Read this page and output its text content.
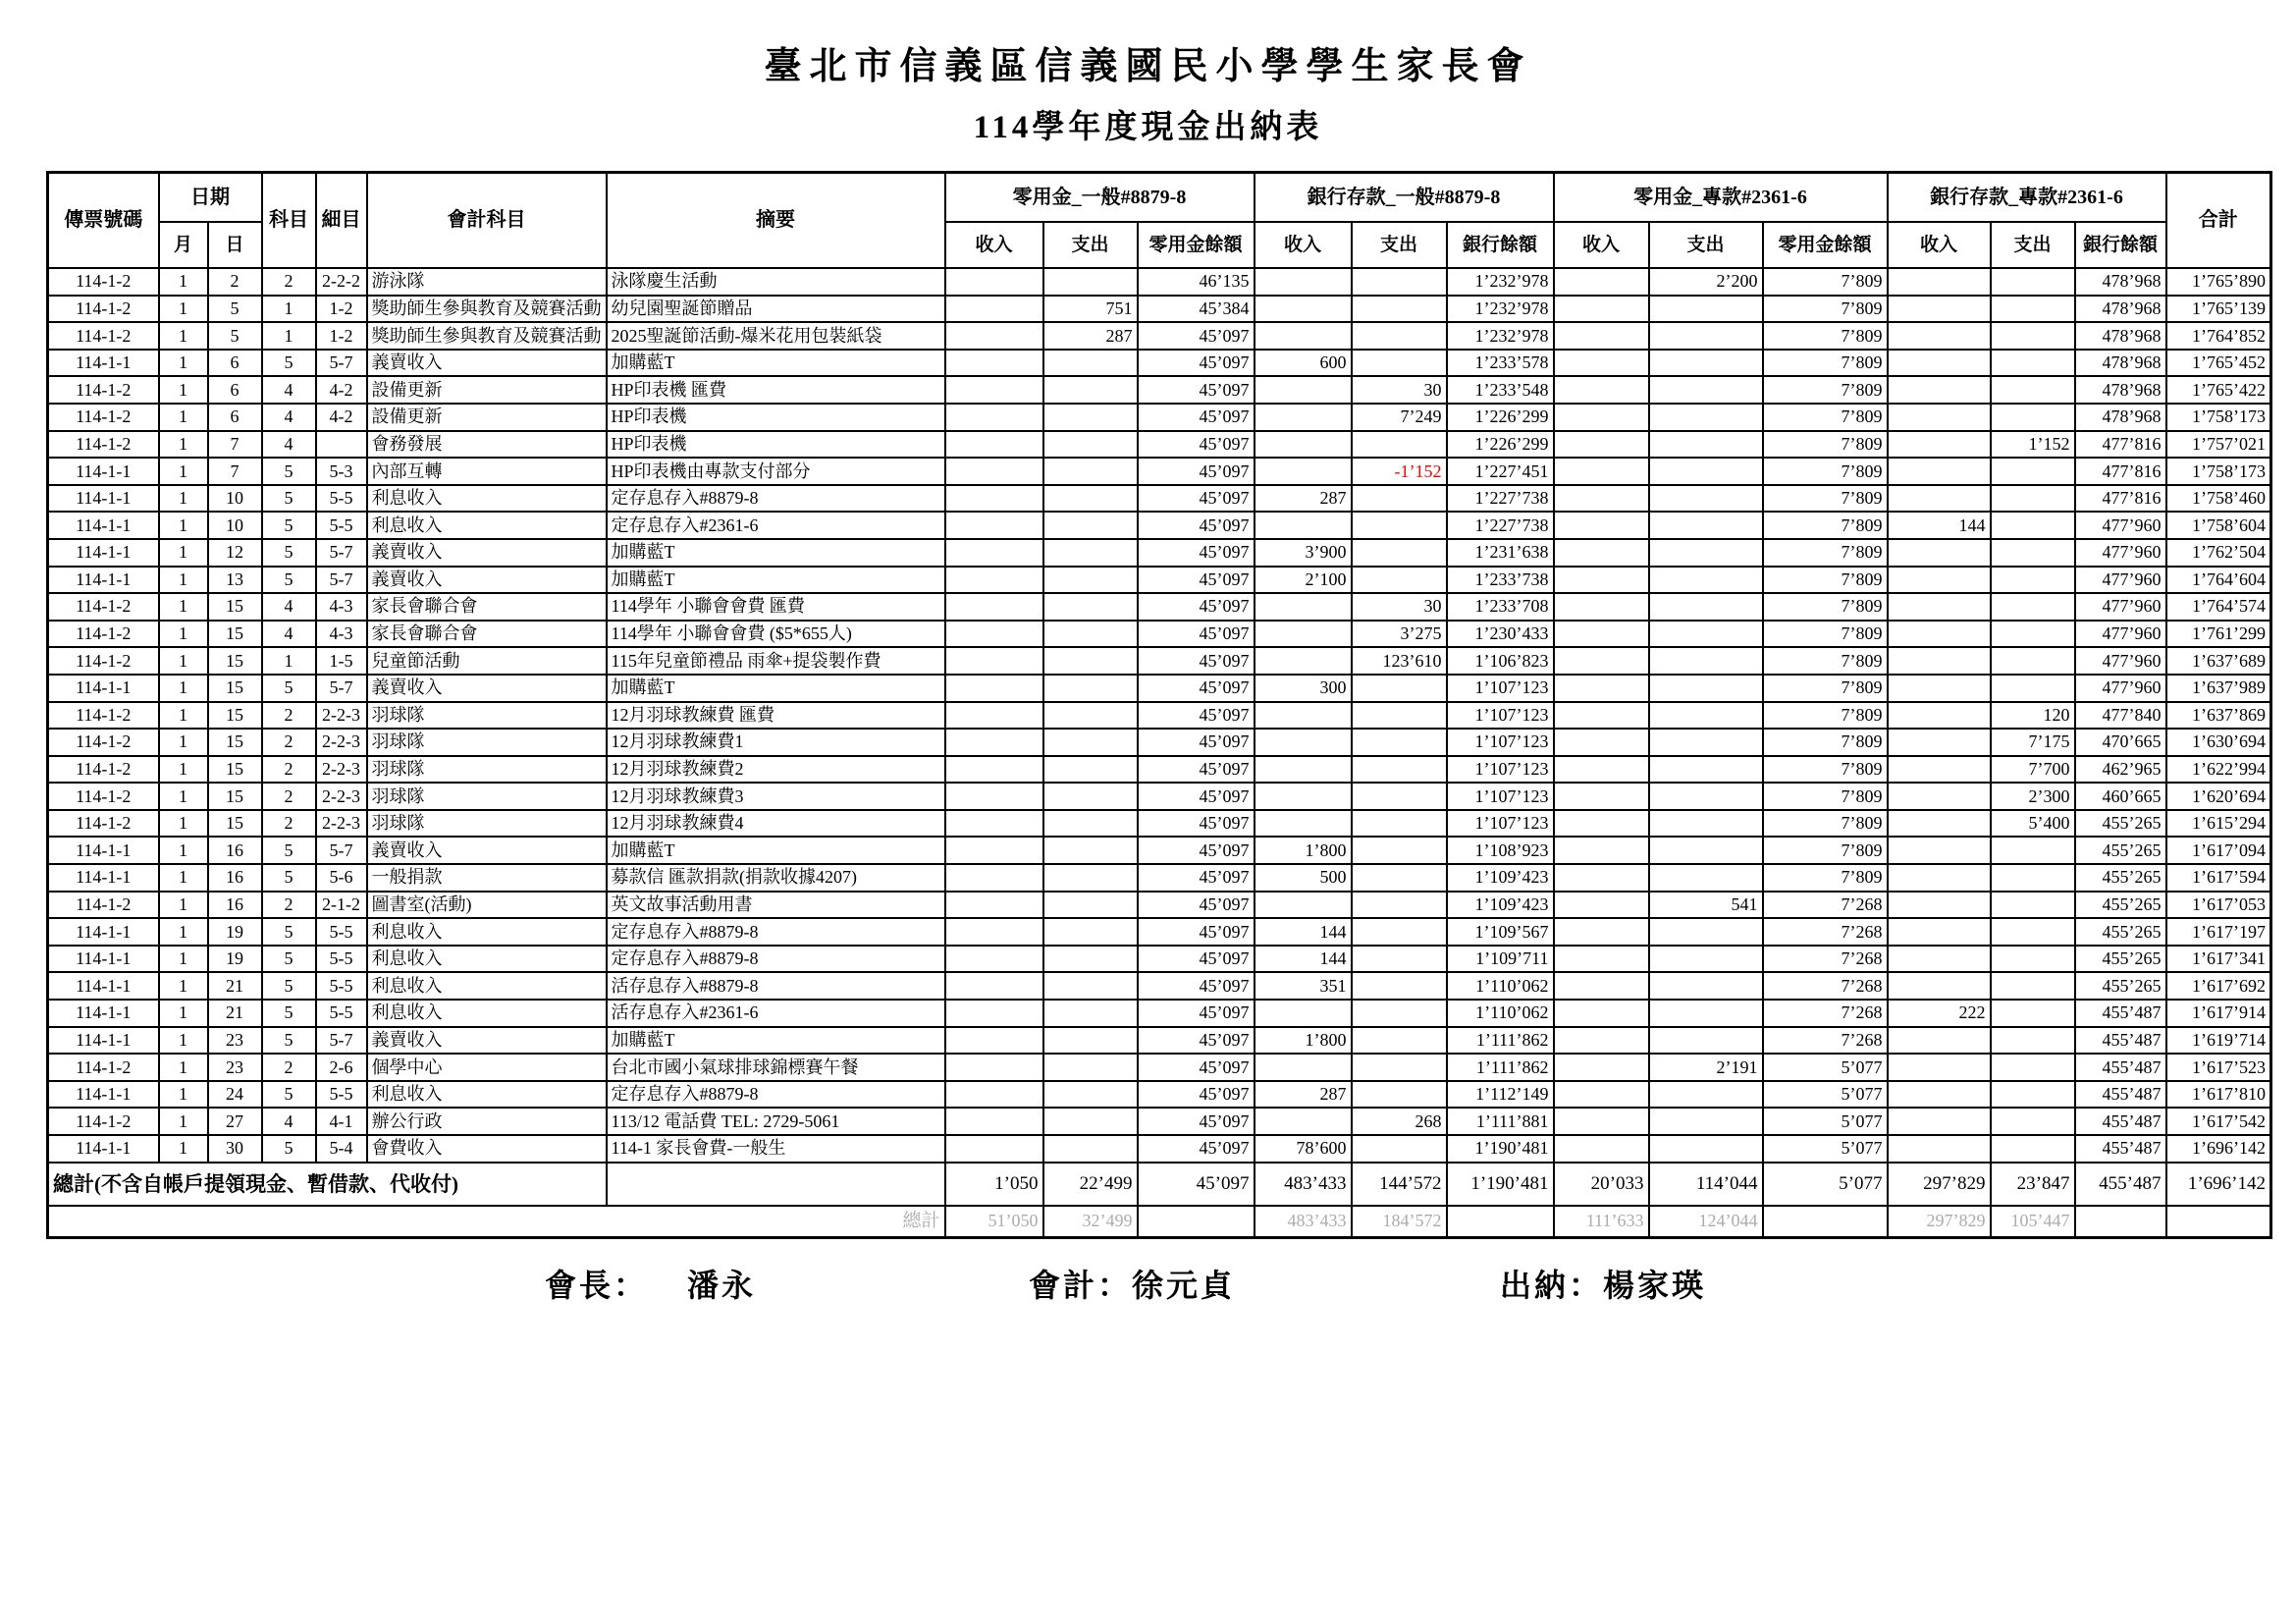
臺北市信義區信義國民小學學生家長會
114學年度現金出納表
傳票號碼	日期		科目	細目	會計科目	摘要	零用金_一般#8879-8			銀行存款_一般#8879-8			零用金_專款#2361-6			銀行存款_專款#2361-6			合計
	月	日					收入	支出	零用金餘額	收入	支出	銀行餘額	收入	支出	零用金餘額	收入	支出	銀行餘額	
114-1-2	1	2	2	2-2-2	游泳隊	泳隊慶生活動			46’135			1’232’978		2’200	7’809			478’968	1’765’890
114-1-2	1	5	1	1-2	獎助師生參與教育及競賽活動	幼兒園聖誕節贈品		751	45’384			1’232’978			7’809			478’968	1’765’139
114-1-2	1	5	1	1-2	獎助師生參與教育及競賽活動	2025聖誕節活動-爆米花用包裝紙袋		287	45’097			1’232’978			7’809			478’968	1’764’852
114-1-1	1	6	5	5-7	義賣收入	加購藍T			45’097	600		1’233’578			7’809			478’968	1’765’452
114-1-2	1	6	4	4-2	設備更新	HP印表機 匯費			45’097		30	1’233’548			7’809			478’968	1’765’422
114-1-2	1	6	4	4-2	設備更新	HP印表機			45’097		7’249	1’226’299			7’809			478’968	1’758’173
114-1-2	1	7	4		會務發展	HP印表機			45’097			1’226’299			7’809		1’152	477’816	1’757’021
114-1-1	1	7	5	5-3	內部互轉	HP印表機由專款支付部分			45’097		-1’152	1’227’451			7’809			477’816	1’758’173
114-1-1	1	10	5	5-5	利息收入	定存息存入#8879-8			45’097	287		1’227’738			7’809			477’816	1’758’460
114-1-1	1	10	5	5-5	利息收入	定存息存入#2361-6			45’097			1’227’738			7’809	144		477’960	1’758’604
114-1-1	1	12	5	5-7	義賣收入	加購藍T			45’097	3’900		1’231’638			7’809			477’960	1’762’504
114-1-1	1	13	5	5-7	義賣收入	加購藍T			45’097	2’100		1’233’738			7’809			477’960	1’764’604
114-1-2	1	15	4	4-3	家長會聯合會	114學年 小聯會會費 匯費			45’097		30	1’233’708			7’809			477’960	1’764’574
114-1-2	1	15	4	4-3	家長會聯合會	114學年 小聯會會費 ($5*655人)			45’097		3’275	1’230’433			7’809			477’960	1’761’299
114-1-2	1	15	1	1-5	兒童節活動	115年兒童節禮品 雨傘+提袋製作費			45’097		123’610	1’106’823			7’809			477’960	1’637’689
114-1-1	1	15	5	5-7	義賣收入	加購藍T			45’097	300		1’107’123			7’809			477’960	1’637’989
114-1-2	1	15	2	2-2-3	羽球隊	12月羽球教練費 匯費			45’097			1’107’123			7’809		120	477’840	1’637’869
114-1-2	1	15	2	2-2-3	羽球隊	12月羽球教練費1			45’097			1’107’123			7’809		7’175	470’665	1’630’694
114-1-2	1	15	2	2-2-3	羽球隊	12月羽球教練費2			45’097			1’107’123			7’809		7’700	462’965	1’622’994
114-1-2	1	15	2	2-2-3	羽球隊	12月羽球教練費3			45’097			1’107’123			7’809		2’300	460’665	1’620’694
114-1-2	1	15	2	2-2-3	羽球隊	12月羽球教練費4			45’097			1’107’123			7’809		5’400	455’265	1’615’294
114-1-1	1	16	5	5-7	義賣收入	加購藍T			45’097	1’800		1’108’923			7’809			455’265	1’617’094
114-1-1	1	16	5	5-6	一般捐款	募款信 匯款捐款(捐款收據4207)			45’097	500		1’109’423			7’809			455’265	1’617’594
114-1-2	1	16	2	2-1-2	圖書室(活動)	英文故事活動用書			45’097			1’109’423		541	7’268			455’265	1’617’053
114-1-1	1	19	5	5-5	利息收入	定存息存入#8879-8			45’097	144		1’109’567			7’268			455’265	1’617’197
114-1-1	1	19	5	5-5	利息收入	定存息存入#8879-8			45’097	144		1’109’711			7’268			455’265	1’617’341
114-1-1	1	21	5	5-5	利息收入	活存息存入#8879-8			45’097	351		1’110’062			7’268			455’265	1’617’692
114-1-1	1	21	5	5-5	利息收入	活存息存入#2361-6			45’097			1’110’062			7’268	222		455’487	1’617’914
114-1-1	1	23	5	5-7	義賣收入	加購藍T			45’097	1’800		1’111’862			7’268			455’487	1’619’714
114-1-2	1	23	2	2-6	個學中心	台北市國小氣球排球錦標賽午餐			45’097			1’111’862		2’191	5’077			455’487	1’617’523
114-1-1	1	24	5	5-5	利息收入	定存息存入#8879-8			45’097	287		1’112’149			5’077			455’487	1’617’810
114-1-2	1	27	4	4-1	辦公行政	113/12 電話費 TEL: 2729-5061			45’097		268	1’111’881			5’077			455’487	1’617’542
114-1-1	1	30	5	5-4	會費收入	114-1 家長會費-一般生			45’097	78’600		1’190’481			5’077			455’487	1’696’142
總計(不含自帳戶提領現金、暫借款、代收付)							1’050	22’499	45’097	483’433	144’572	1’190’481	20’033	114’044	5’077	297’829	23’847	455’487	1’696’142
總計							51’050	32’499		483’433	184’572		111’633	124’044		297’829	105’447		
會長： 潘永	會計：徐元貞	出納：楊家瑛
